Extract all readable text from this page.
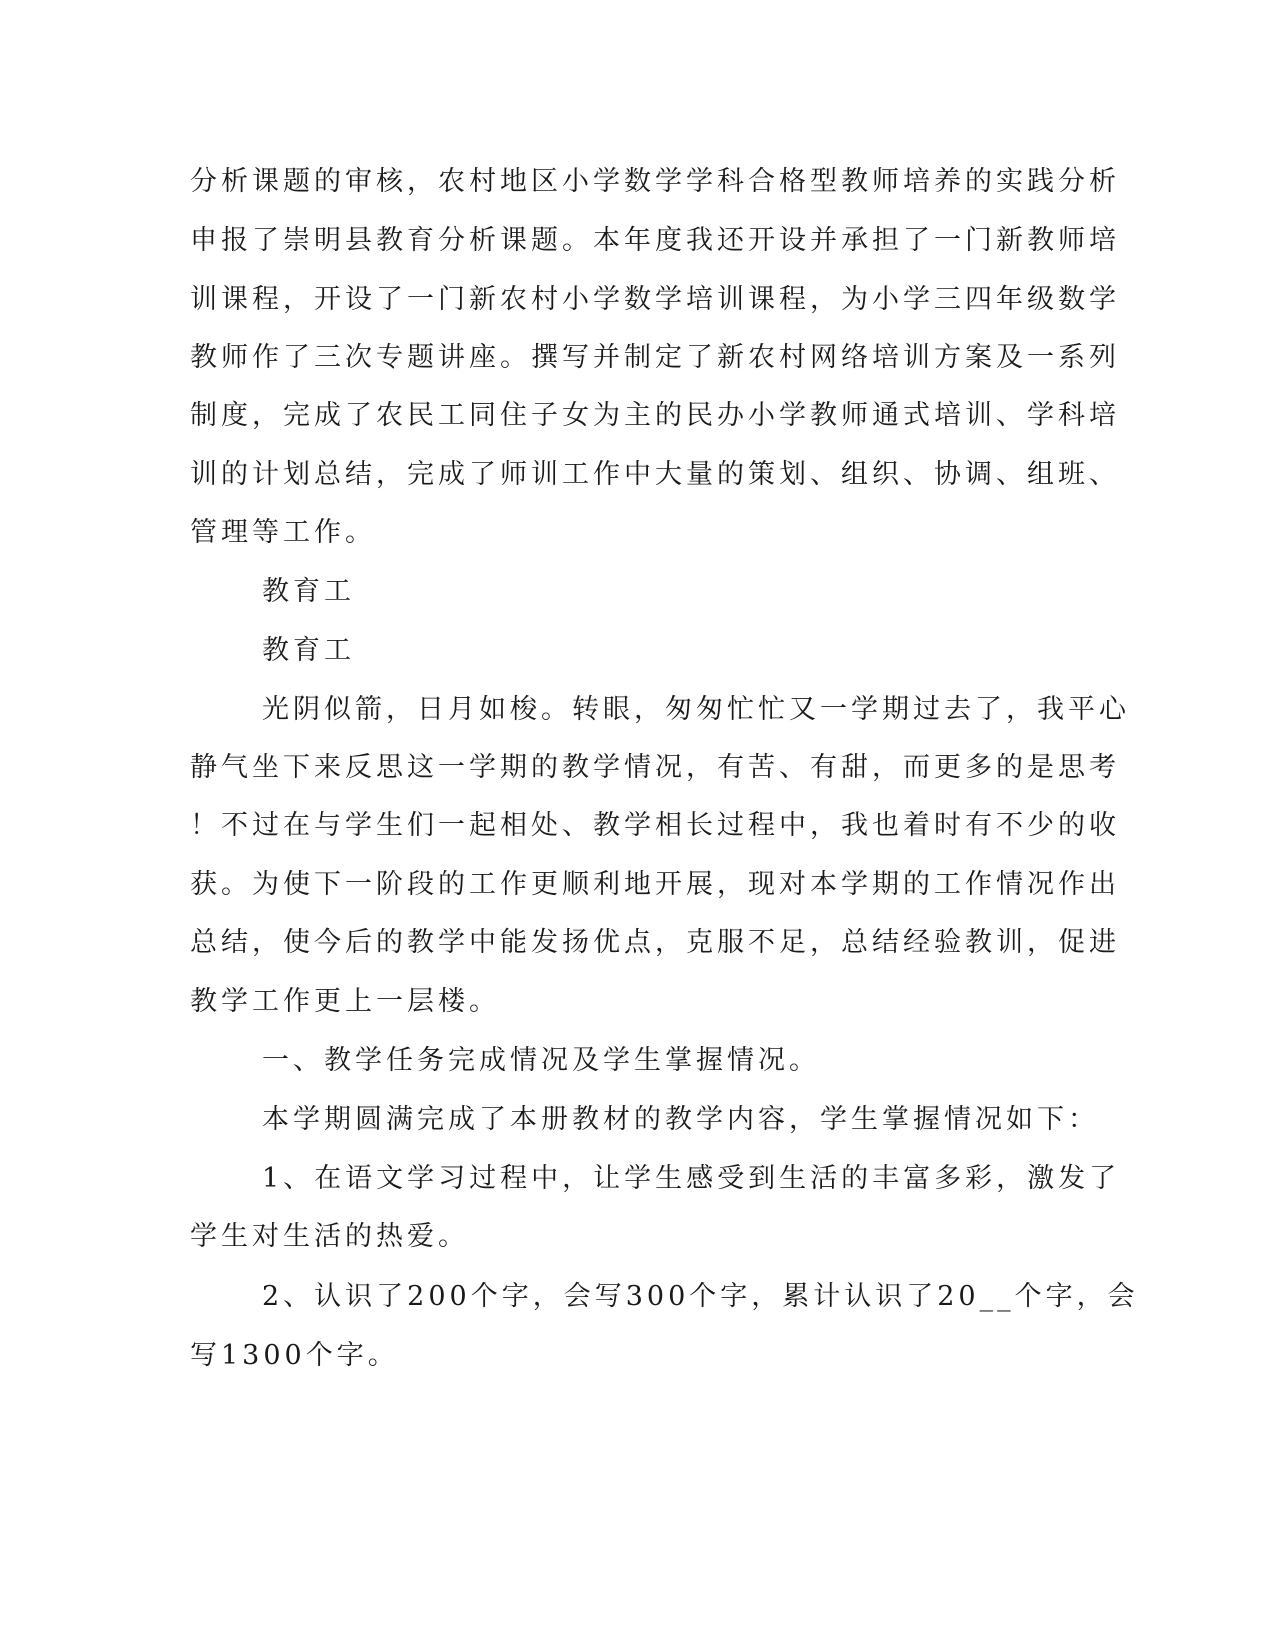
分析课题的审核，农村地区小学数学学科合格型教师培养的实践分析
申报了崇明县教育分析课题。本年度我还开设并承担了一门新教师培
训课程，开设了一门新农村小学数学培训课程，为小学三四年级数学
教师作了三次专题讲座。撰写并制定了新农村网络培训方案及一系列
制度，完成了农民工同住子女为主的民办小学教师通式培训、学科培
训的计划总结，完成了师训工作中大量的策划、组织、协调、组班、
管理等工作。
教育工
教育工
光阴似箭，日月如梭。转眼，匆匆忙忙又一学期过去了，我平心
静气坐下来反思这一学期的教学情况，有苦、有甜，而更多的是思考
！不过在与学生们一起相处、教学相长过程中，我也着时有不少的收
获。为使下一阶段的工作更顺利地开展，现对本学期的工作情况作出
总结，使今后的教学中能发扬优点，克服不足，总结经验教训，促进
教学工作更上一层楼。
一、教学任务完成情况及学生掌握情况。
本学期圆满完成了本册教材的教学内容，学生掌握情况如下：
1、在语文学习过程中，让学生感受到生活的丰富多彩，激发了
学生对生活的热爱。
2、认识了200个字，会写300个字，累计认识了20__个字，会
写1300个字。
